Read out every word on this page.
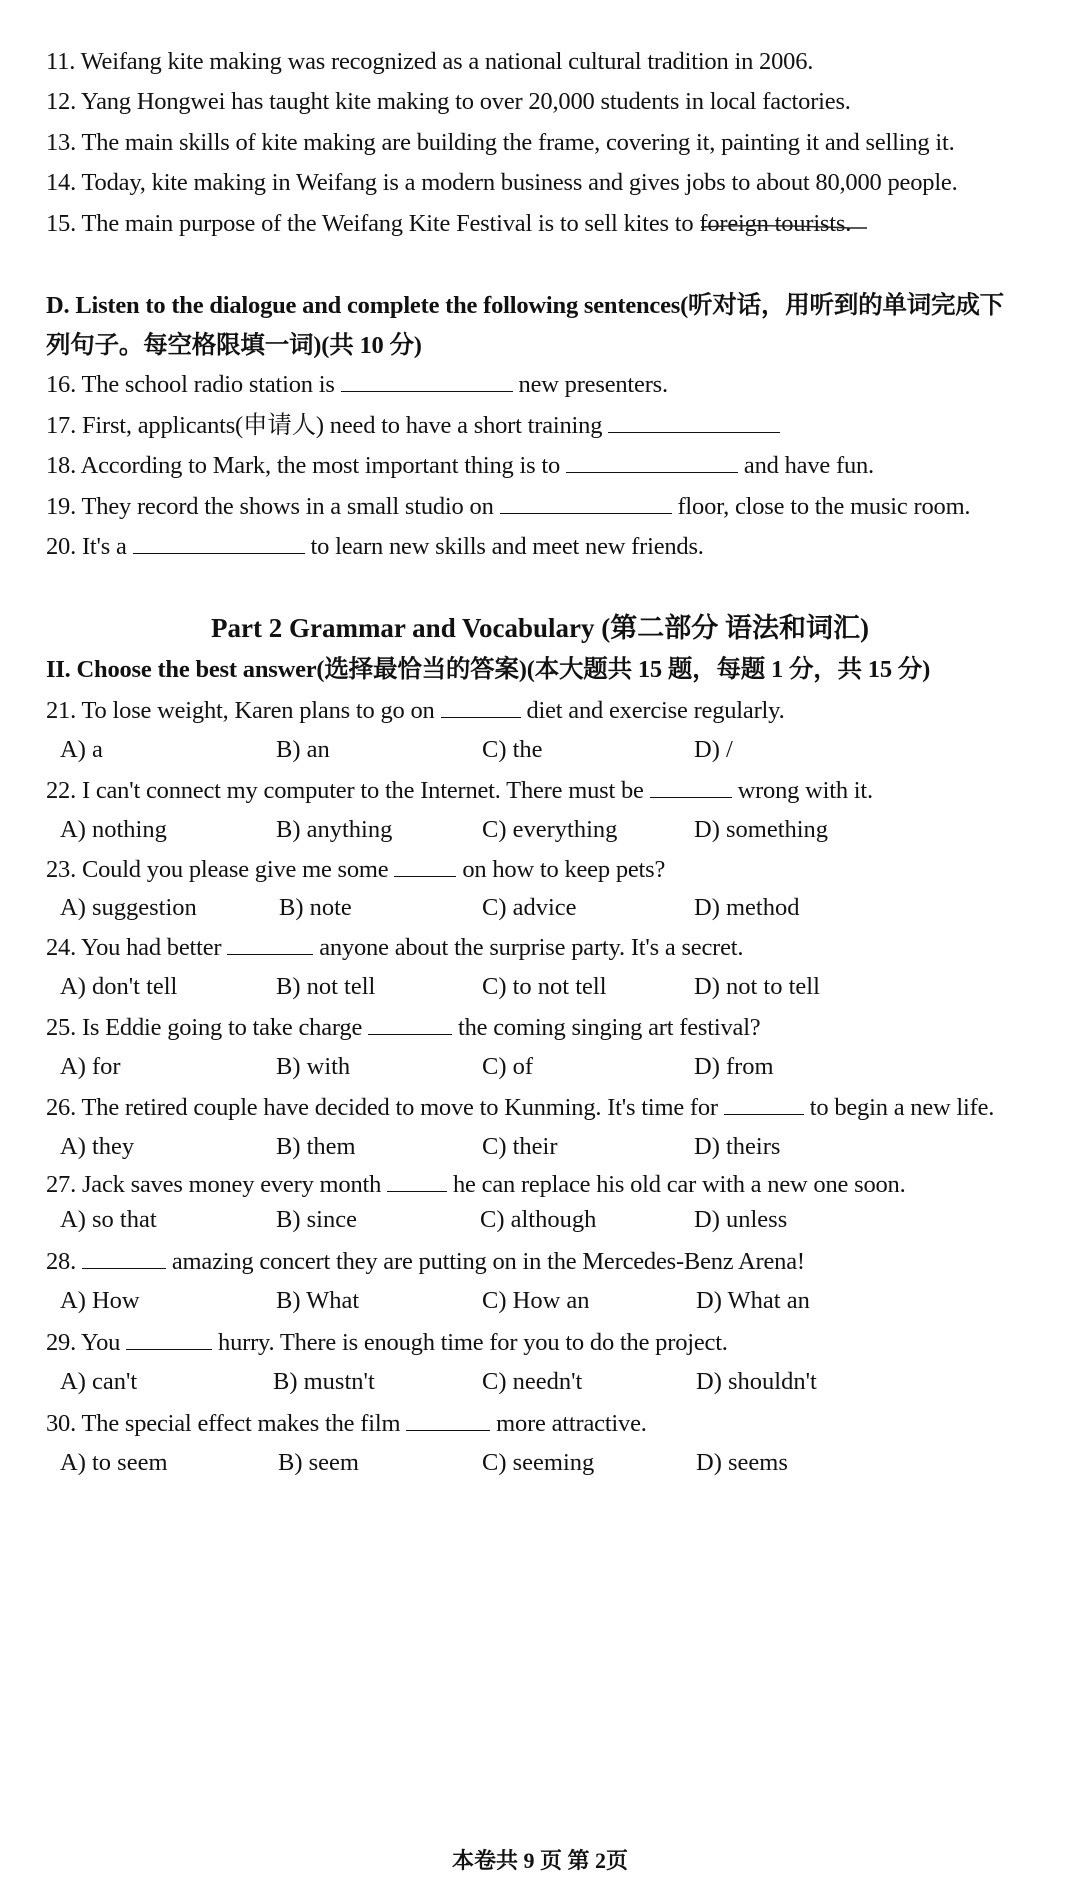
11. Weifang kite making was recognized as a national cultural tradition in 2006.
12. Yang Hongwei has taught kite making to over 20,000 students in local factories.
13. The main skills of kite making are building the frame, covering it, painting it and selling it.
14. Today, kite making in Weifang is a modern business and gives jobs to about 80,000 people.
15. The main purpose of the Weifang Kite Festival is to sell kites to foreign tourists.
D. Listen to the dialogue and complete the following sentences(听对话，用听到的单词完成下
列句子。每空格限填一词)(共 10 分)
16. The school radio station is	new presenters.
17. First, applicants(申请人) need to have a short training
18. According to Mark, the most important thing is to	and have fun.
19. They record the shows in a small studio on	floor, close to the music room.
20. It's a	to learn new skills and meet new friends.
Part 2 Grammar and Vocabulary (第二部分 语法和词汇)
II. Choose the best answer(选择最恰当的答案)(本大题共 15 题，每题 1 分，共 15 分)
21. To lose weight, Karen plans to go on	diet and exercise regularly.
A) a	B) an	C) the	D) /
22. I can't connect my computer to the Internet. There must be	wrong with it.
A) nothing	B) anything	C) everything	D) something
23. Could you please give me some	on how to keep pets?
A) suggestion	B) note	C) advice	D) method
24. You had better	anyone about the surprise party. It's a secret.
A) don't tell	B) not tell	C) to not tell	D) not to tell
25. Is Eddie going to take charge	the coming singing art festival?
A) for	B) with	C) of	D) from
26. The retired couple have decided to move to Kunming. It's time for	to begin a new life.
A) they	B) them	C) their	D) theirs
27. Jack saves money every month  he can replace his old car with a new one soon.
A) so that	B) since	C) although	D) unless
28.	amazing concert they are putting on in the Mercedes-Benz Arena!
A) How	B) What	C) How an	D) What an
29. You	hurry. There is enough time for you to do the project.
A) can't	B) mustn't	C) needn't	D) shouldn't
30. The special effect makes the film	more attractive.
A) to seem	B) seem	C) seeming	D) seems
本卷共 9 页 第 2页
